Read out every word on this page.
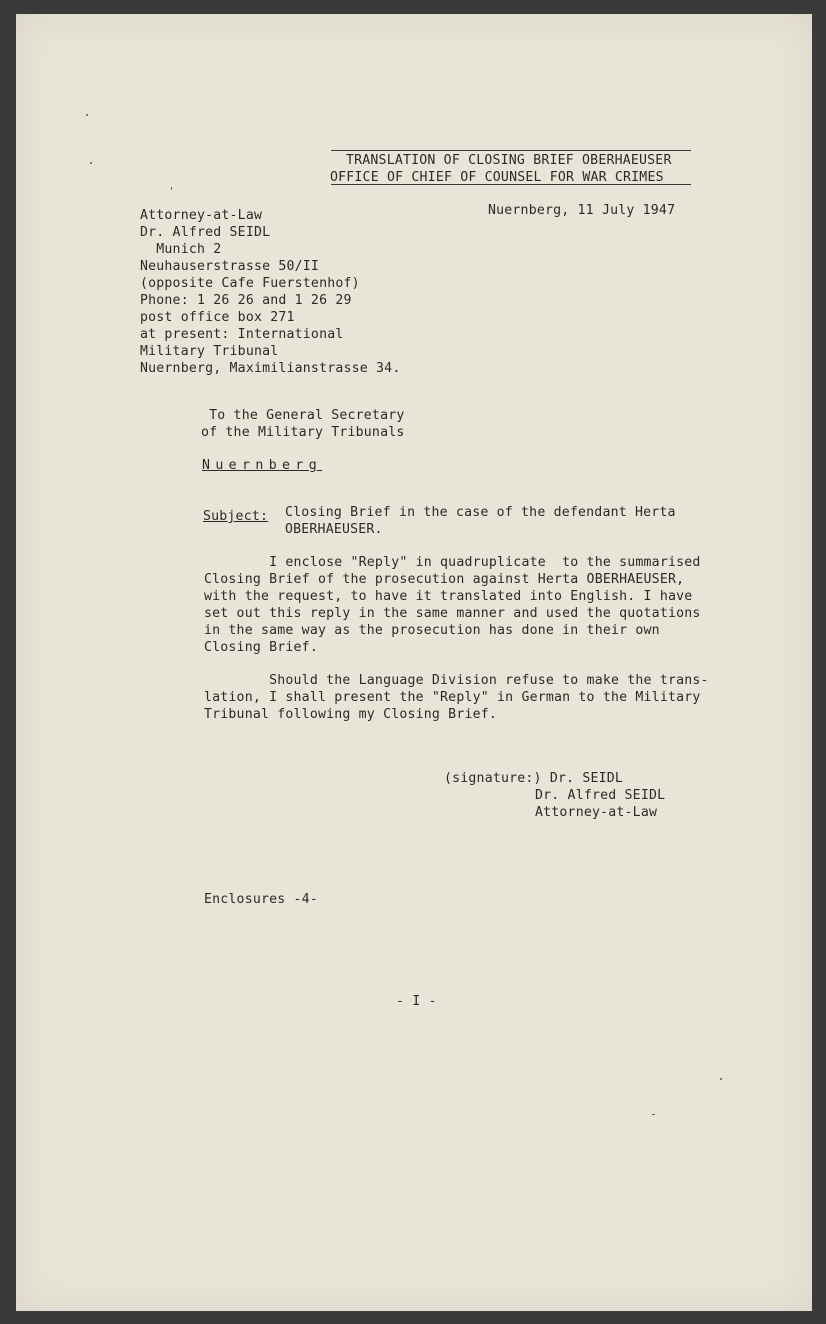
TRANSLATION OF CLOSING BRIEF OBERHAEUSER
OFFICE OF CHIEF OF COUNSEL FOR WAR CRIMES
Nuernberg, 11 July 1947
Attorney-at-Law
Dr. Alfred SEIDL
Munich 2
Neuhauserstrasse 50/II
(opposite Cafe Fuerstenhof)
Phone: 1 26 26 and 1 26 29
post office box 271
at present: International
Military Tribunal
Nuernberg, Maximilianstrasse 34.
To the General Secretary
of the Military Tribunals
Nuernberg
Subject: Closing Brief in the case of the defendant Herta
OBERHAEUSER.
I enclose "Reply" in quadruplicate  to the summarised
Closing Brief of the prosecution against Herta OBERHAEUSER,
with the request, to have it translated into English. I have
set out this reply in the same manner and used the quotations
in the same way as the prosecution has done in their own
Closing Brief.
Should the Language Division refuse to make the trans-
lation, I shall present the "Reply" in German to the Military
Tribunal following my Closing Brief.
(signature:) Dr. SEIDL
Dr. Alfred SEIDL
Attorney-at-Law
Enclosures -4-
- I -
